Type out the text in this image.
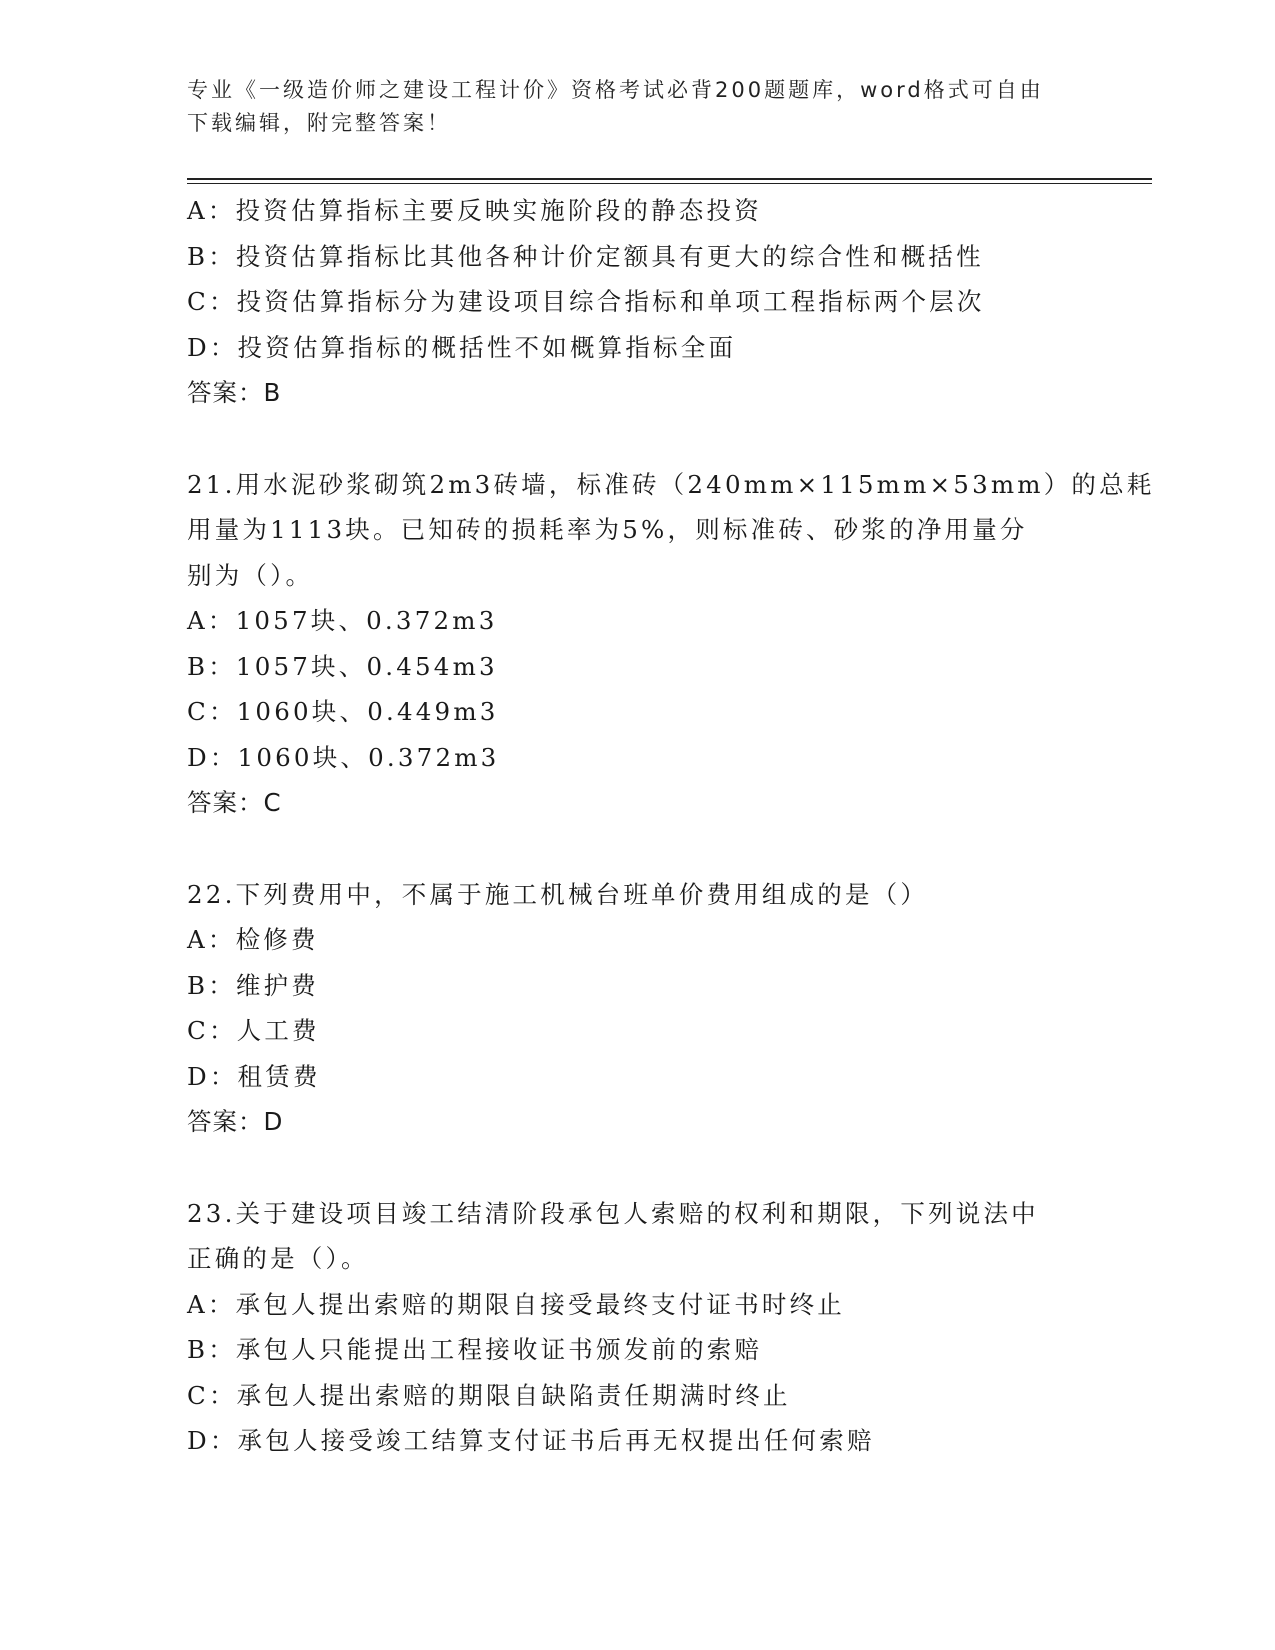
专业《一级造价师之建设工程计价》资格考试必背200题题库，word格式可自由
下载编辑，附完整答案！
A：投资估算指标主要反映实施阶段的静态投资
B：投资估算指标比其他各种计价定额具有更大的综合性和概括性
C：投资估算指标分为建设项目综合指标和单项工程指标两个层次
D：投资估算指标的概括性不如概算指标全面
答案：B
21.用水泥砂浆砌筑2m3砖墙，标准砖（240mm×115mm×53mm）的总耗
用量为1113块。已知砖的损耗率为5%，则标准砖、砂浆的净用量分
别为（）。
A：1057块、0.372m3
B：1057块、0.454m3
C：1060块、0.449m3
D：1060块、0.372m3
答案：C
22.下列费用中，不属于施工机械台班单价费用组成的是（）
A：检修费
B：维护费
C：人工费
D：租赁费
答案：D
23.关于建设项目竣工结清阶段承包人索赔的权利和期限，下列说法中
正确的是（）。
A：承包人提出索赔的期限自接受最终支付证书时终止
B：承包人只能提出工程接收证书颁发前的索赔
C：承包人提出索赔的期限自缺陷责任期满时终止
D：承包人接受竣工结算支付证书后再无权提出任何索赔
